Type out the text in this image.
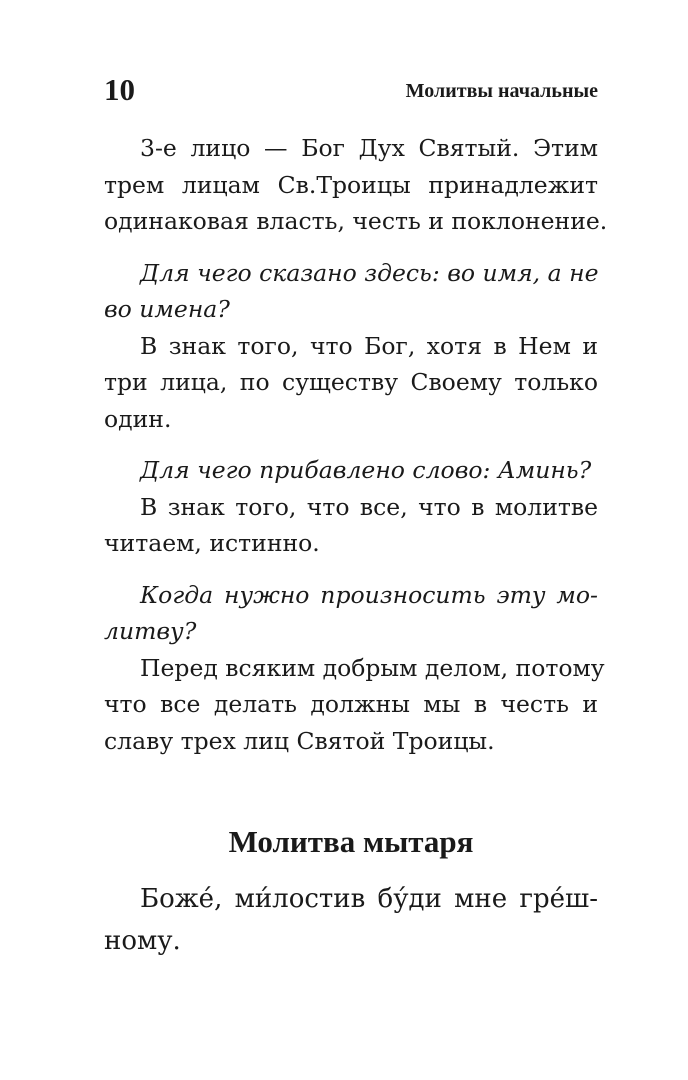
10	Молитвы начальные
3-е лицо — Бог Дух Святый. Этим
трем лицам Св.Троицы принадлежит
одинаковая власть, честь и поклонение.
Для чего сказано здесь: во имя, а не
во имена?
В знак того, что Бог, хотя в Нем и
три лица, по существу Своему только
один.
Для чего прибавлено слово: Аминь?
В знак того, что все, что в молитве
читаем, истинно.
Когда нужно произносить эту мо-
литву?
Перед всяким добрым делом, потому
что все делать должны мы в честь и
славу трех лиц Святой Троицы.
Молитва мытаря
Боже́, ми́лостив бу́ди мне гре́ш-
ному.
